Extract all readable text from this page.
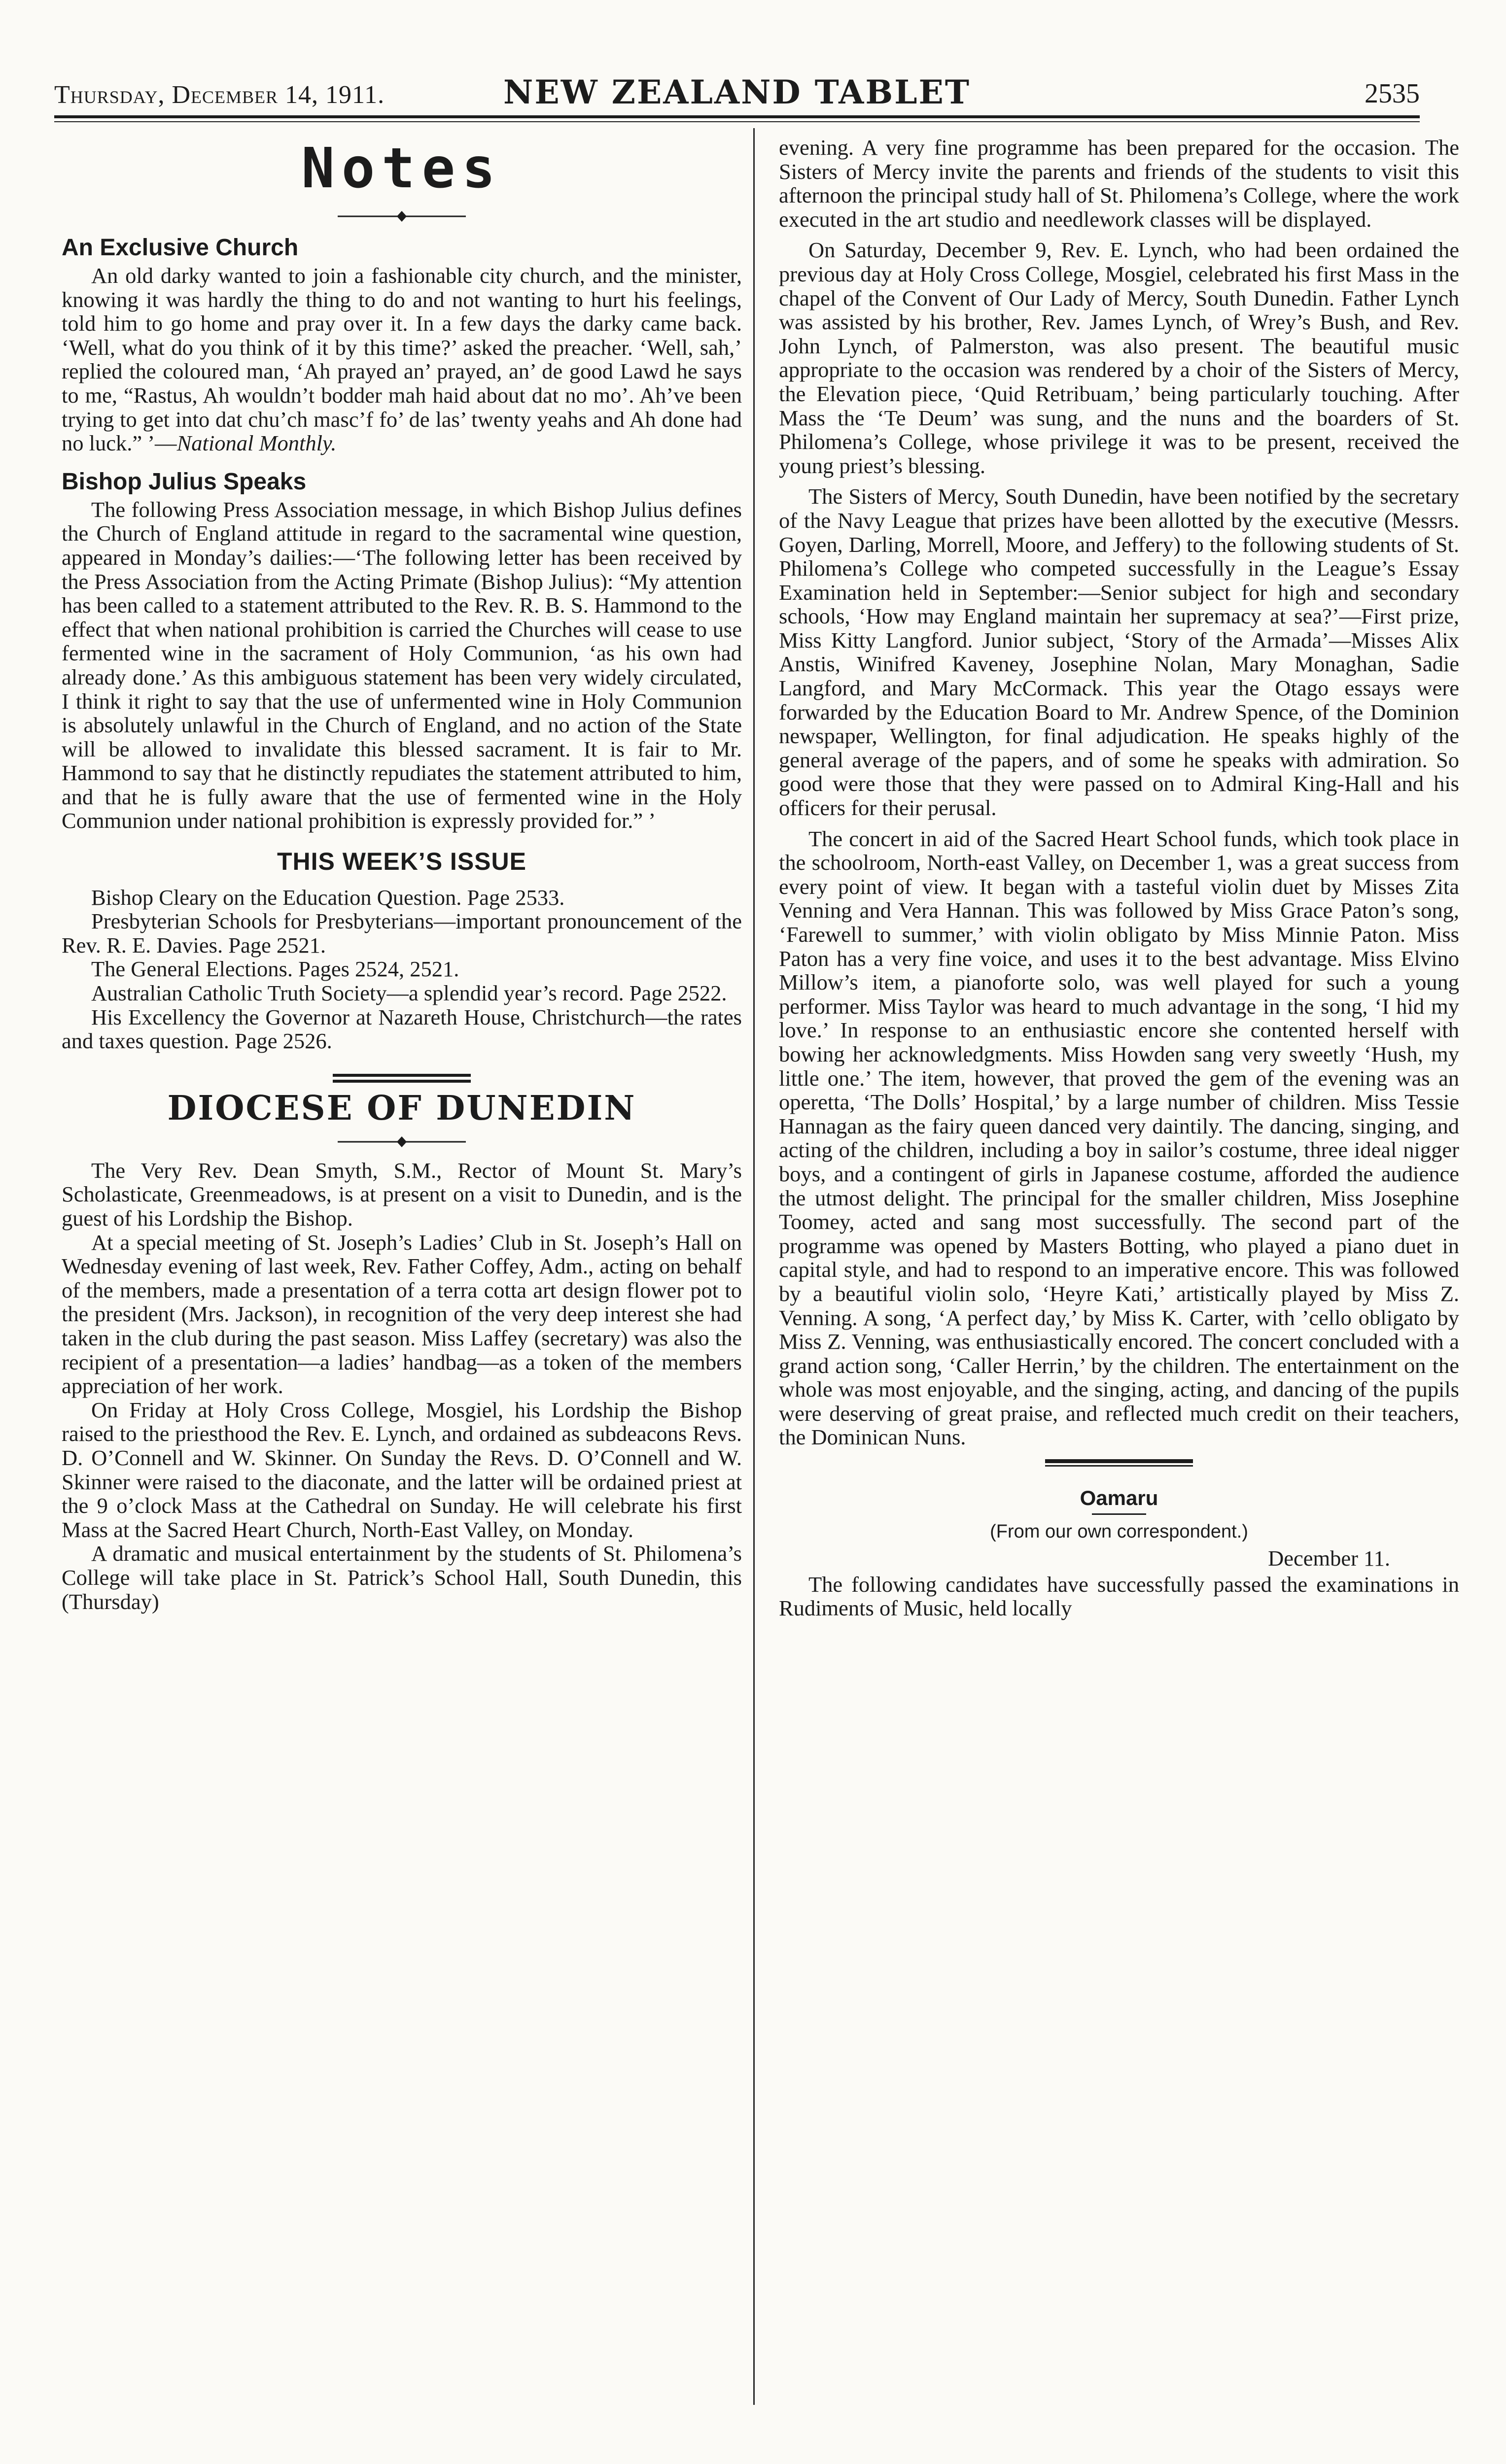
Thursday, December 14, 1911.	NEW ZEALAND TABLET	2535
Notes
An Exclusive Church

An old darky wanted to join a fashionable city church, and the minister, knowing it was hardly the thing to do and not wanting to hurt his feelings, told him to go home and pray over it. In a few days the darky came back. ‘Well, what do you think of it by this time?’ asked the preacher. ‘Well, sah,’ replied the coloured man, ‘Ah prayed an’ prayed, an’ de good Lawd he says to me, “Rastus, Ah wouldn’t bodder mah haid about dat no mo’. Ah’ve been trying to get into dat chu’ch masc’f fo’ de las’ twenty yeahs and Ah done had no luck.” ’—National Monthly.

Bishop Julius Speaks

The following Press Association message, in which Bishop Julius defines the Church of England attitude in regard to the sacramental wine question, appeared in Monday’s dailies:—‘The following letter has been received by the Press Association from the Acting Primate (Bishop Julius): “My attention has been called to a statement attributed to the Rev. R. B. S. Hammond to the effect that when national prohibition is carried the Churches will cease to use fermented wine in the sacrament of Holy Communion, ‘as his own had already done.’ As this ambiguous statement has been very widely circulated, I think it right to say that the use of unfermented wine in Holy Communion is absolutely unlawful in the Church of England, and no action of the State will be allowed to invalidate this blessed sacrament. It is fair to Mr. Hammond to say that he distinctly repudiates the statement attributed to him, and that he is fully aware that the use of fermented wine in the Holy Communion under national prohibition is expressly provided for.” ’

THIS WEEK’S ISSUE

Bishop Cleary on the Education Question. Page 2533.

Presbyterian Schools for Presbyterians—important pronouncement of the Rev. R. E. Davies. Page 2521.

The General Elections. Pages 2524, 2521.

Australian Catholic Truth Society—a splendid year’s record. Page 2522.

His Excellency the Governor at Nazareth House, Christchurch—the rates and taxes question. Page 2526.

DIOCESE OF DUNEDIN

The Very Rev. Dean Smyth, S.M., Rector of Mount St. Mary’s Scholasticate, Greenmeadows, is at present on a visit to Dunedin, and is the guest of his Lordship the Bishop.

At a special meeting of St. Joseph’s Ladies’ Club in St. Joseph’s Hall on Wednesday evening of last week, Rev. Father Coffey, Adm., acting on behalf of the members, made a presentation of a terra cotta art design flower pot to the president (Mrs. Jackson), in recognition of the very deep interest she had taken in the club during the past season. Miss Laffey (secretary) was also the recipient of a presentation—a ladies’ handbag—as a token of the members appreciation of her work.

On Friday at Holy Cross College, Mosgiel, his Lordship the Bishop raised to the priesthood the Rev. E. Lynch, and ordained as subdeacons Revs. D. O’Connell and W. Skinner. On Sunday the Revs. D. O’Connell and W. Skinner were raised to the diaconate, and the latter will be ordained priest at the 9 o’clock Mass at the Cathedral on Sunday. He will celebrate his first Mass at the Sacred Heart Church, North-East Valley, on Monday.

A dramatic and musical entertainment by the students of St. Philomena’s College will take place in St. Patrick’s School Hall, South Dunedin, this (Thursday)

evening. A very fine programme has been prepared for the occasion. The Sisters of Mercy invite the parents and friends of the students to visit this afternoon the principal study hall of St. Philomena’s College, where the work executed in the art studio and needlework classes will be displayed.

On Saturday, December 9, Rev. E. Lynch, who had been ordained the previous day at Holy Cross College, Mosgiel, celebrated his first Mass in the chapel of the Convent of Our Lady of Mercy, South Dunedin. Father Lynch was assisted by his brother, Rev. James Lynch, of Wrey’s Bush, and Rev. John Lynch, of Palmerston, was also present. The beautiful music appropriate to the occasion was rendered by a choir of the Sisters of Mercy, the Elevation piece, ‘Quid Retribuam,’ being particularly touching. After Mass the ‘Te Deum’ was sung, and the nuns and the boarders of St. Philomena’s College, whose privilege it was to be present, received the young priest’s blessing.

The Sisters of Mercy, South Dunedin, have been notified by the secretary of the Navy League that prizes have been allotted by the executive (Messrs. Goyen, Darling, Morrell, Moore, and Jeffery) to the following students of St. Philomena’s College who competed successfully in the League’s Essay Examination held in September:—Senior subject for high and secondary schools, ‘How may England maintain her supremacy at sea?’—First prize, Miss Kitty Langford. Junior subject, ‘Story of the Armada’—Misses Alix Anstis, Winifred Kaveney, Josephine Nolan, Mary Monaghan, Sadie Langford, and Mary McCormack. This year the Otago essays were forwarded by the Education Board to Mr. Andrew Spence, of the Dominion newspaper, Wellington, for final adjudication. He speaks highly of the general average of the papers, and of some he speaks with admiration. So good were those that they were passed on to Admiral King-Hall and his officers for their perusal.

The concert in aid of the Sacred Heart School funds, which took place in the schoolroom, North-east Valley, on December 1, was a great success from every point of view. It began with a tasteful violin duet by Misses Zita Venning and Vera Hannan. This was followed by Miss Grace Paton’s song, ‘Farewell to summer,’ with violin obligato by Miss Minnie Paton. Miss Paton has a very fine voice, and uses it to the best advantage. Miss Elvino Millow’s item, a pianoforte solo, was well played for such a young performer. Miss Taylor was heard to much advantage in the song, ‘I hid my love.’ In response to an enthusiastic encore she contented herself with bowing her acknowledgments. Miss Howden sang very sweetly ‘Hush, my little one.’ The item, however, that proved the gem of the evening was an operetta, ‘The Dolls’ Hospital,’ by a large number of children. Miss Tessie Hannagan as the fairy queen danced very daintily. The dancing, singing, and acting of the children, including a boy in sailor’s costume, three ideal nigger boys, and a contingent of girls in Japanese costume, afforded the audience the utmost delight. The principal for the smaller children, Miss Josephine Toomey, acted and sang most successfully. The second part of the programme was opened by Masters Botting, who played a piano duet in capital style, and had to respond to an imperative encore. This was followed by a beautiful violin solo, ‘Heyre Kati,’ artistically played by Miss Z. Venning. A song, ‘A perfect day,’ by Miss K. Carter, with ’cello obligato by Miss Z. Venning, was enthusiastically encored. The concert concluded with a grand action song, ‘Caller Herrin,’ by the children. The entertainment on the whole was most enjoyable, and the singing, acting, and dancing of the pupils were deserving of great praise, and reflected much credit on their teachers, the Dominican Nuns.

Oamaru
(From our own correspondent.)
December 11.

The following candidates have successfully passed the examinations in Rudiments of Music, held locally
